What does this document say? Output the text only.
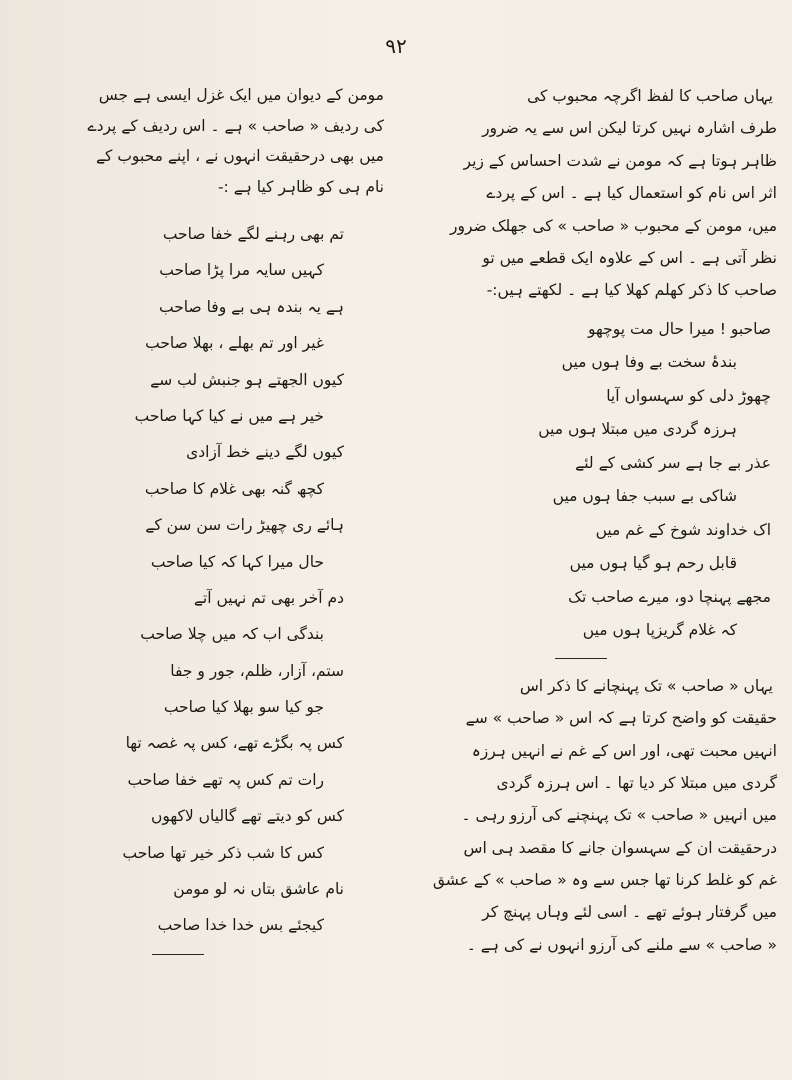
۹۲
یہاں صاحب کا لفظ اگرچہ محبوب کی
طرف اشارہ نہیں کرتا لیکن اس سے یہ ضرور
ظاہر ہوتا ہے کہ مومن نے شدت احساس کے زیر
اثر اس نام کو استعمال کیا ہے ۔ اس کے پردے
میں، مومن کے محبوب « صاحب » کی جھلک ضرور
نظر آتی ہے ۔ اس کے علاوہ ایک قطعے میں تو
صاحب کا ذکر کھلم کھلا کیا ہے ۔ لکھتے ہیں:-
صاحبو ! میرا حال مت پوچھو
بندۂ سخت بے وفا ہوں میں
چھوڑ دلی کو سہسواں آیا
ہرزہ گردی میں مبتلا ہوں میں
عذر بے جا ہے سر کشی کے لئے
شاکی بے سبب جفا ہوں میں
اک خداوند شوخ کے غم میں
قابل رحم ہو گیا ہوں میں
مجھے پہنچا دو، میرے صاحب تک
کہ غلام گریزپا ہوں میں
یہاں « صاحب » تک پہنچانے کا ذکر اس
حقیقت کو واضح کرتا ہے کہ اس « صاحب » سے
انہیں محبت تھی، اور اس کے غم نے انہیں ہرزہ
گردی میں مبتلا کر دیا تھا ۔ اس ہرزہ گردی
میں انہیں « صاحب » تک پہنچنے کی آرزو رہی ۔
درحقیقت ان کے سہسوان جانے کا مقصد ہی اس
غم کو غلط کرنا تھا جس سے وہ « صاحب » کے عشق
میں گرفتار ہوئے تھے ۔ اسی لئے وہاں پہنچ کر
« صاحب » سے ملنے کی آرزو انہوں نے کی ہے ۔
مومن کے دیوان میں ایک غزل ایسی ہے جس
کی ردیف « صاحب » ہے ۔ اس ردیف کے پردے
میں بھی درحقیقت انہوں نے ، اپنے محبوب کے
نام ہی کو ظاہر کیا ہے :-
تم بھی رہنے لگے خفا صاحب
کہیں سایہ مرا پڑا صاحب
ہے یہ بندہ ہی بے وفا صاحب
غیر اور تم بھلے ، بھلا صاحب
کیوں الجھتے ہو جنبش لب سے
خیر ہے میں نے کیا کہا صاحب
کیوں لگے دینے خط آزادی
کچھ گنہ بھی غلام کا صاحب
ہائے ری چھیڑ رات سن سن کے
حال میرا کہا کہ کیا صاحب
دم آخر بھی تم نہیں آتے
بندگی اب کہ میں چلا صاحب
ستم، آزار، ظلم، جور و جفا
جو کیا سو بھلا کیا صاحب
کس پہ بگڑے تھے، کس پہ غصہ تھا
رات تم کس پہ تھے خفا صاحب
کس کو دیتے تھے گالیاں لاکھوں
کس کا شب ذکر خیر تھا صاحب
نام عاشق بتاں نہ لو مومن
کیجئے بس خدا خدا صاحب
